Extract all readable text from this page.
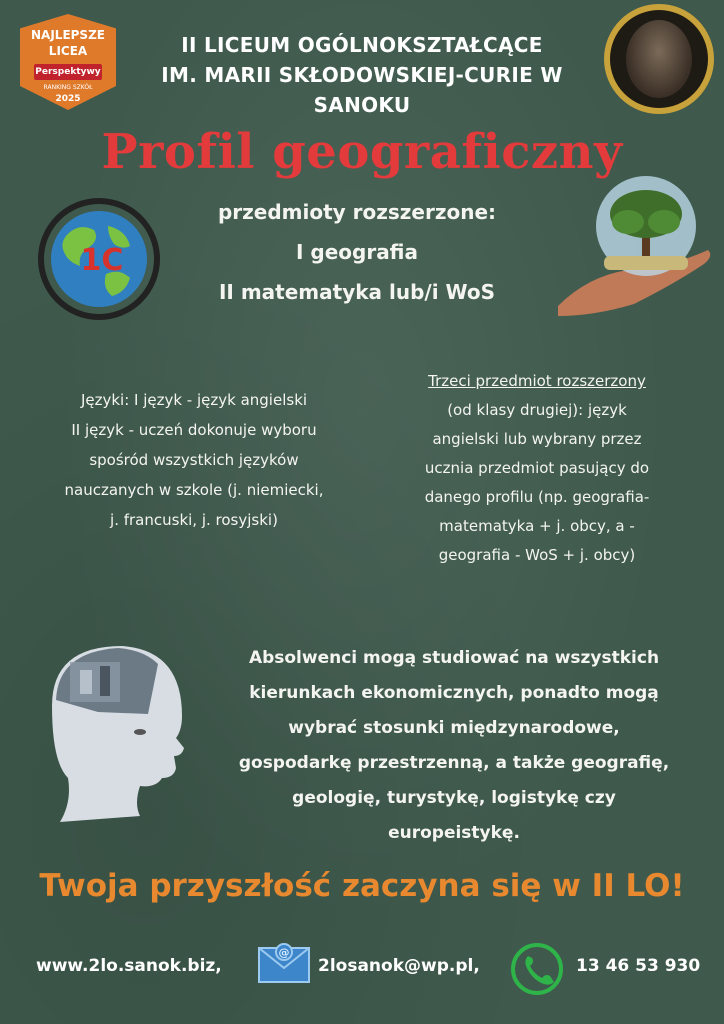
NAJLEPSZE
LICEA
Perspektywy
RANKING SZKÓŁ
2025
II LICEUM OGÓLNOKSZTAŁCĄCE
IM. MARII SKŁODOWSKIEJ-CURIE W SANOKU
Profil geograficzny
1C
przedmioty rozszerzone:
I geografia
II matematyka lub/i WoS
Języki: I język - język angielski
II język - uczeń dokonuje wyboru
spośród wszystkich języków
nauczanych w szkole (j. niemiecki,
j. francuski, j. rosyjski)
Trzeci przedmiot rozszerzony
(od klasy drugiej): język
angielski lub wybrany przez
ucznia przedmiot pasujący do
danego profilu (np. geografia-
matematyka + j. obcy, a -
geografia - WoS + j. obcy)
Absolwenci mogą studiować na wszystkich
kierunkach ekonomicznych, ponadto mogą
wybrać stosunki międzynarodowe,
gospodarkę przestrzenną, a także geografię,
geologię, turystykę, logistykę czy
europeistykę.
Twoja przyszłość zaczyna się w II LO!
www.2lo.sanok.biz,
@
2losanok@wp.pl,	13 46 53 930
